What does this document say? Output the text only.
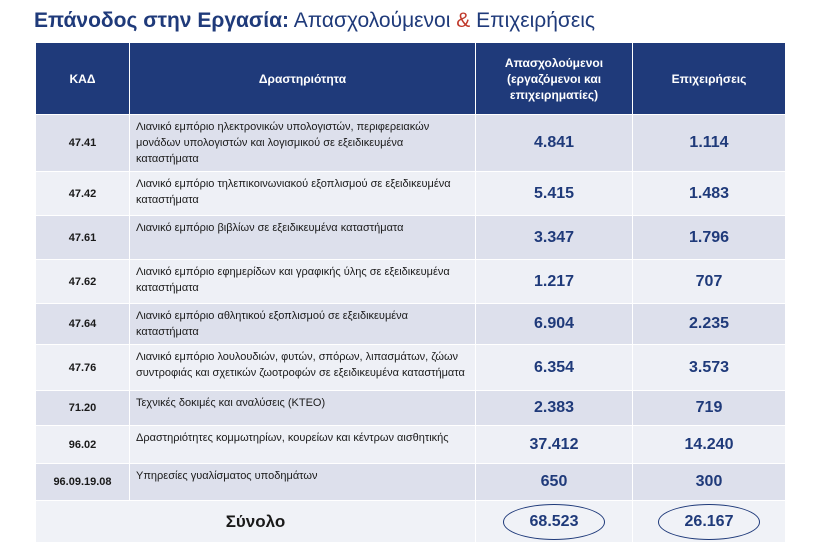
Επάνοδος στην Εργασία: Απασχολούμενοι & Επιχειρήσεις
ΚΑΔ	Δραστηριότητα	Απασχολούμενοι (εργαζόμενοι και επιχειρηματίες)	Επιχειρήσεις
47.41	Λιανικό εμπόριο ηλεκτρονικών υπολογιστών, περιφερειακών μονάδων υπολογιστών και λογισμικού σε εξειδικευμένα καταστήματα	4.841	1.114
47.42	Λιανικό εμπόριο τηλεπικοινωνιακού εξοπλισμού σε εξειδικευμένα καταστήματα	5.415	1.483
47.61	Λιανικό εμπόριο βιβλίων σε εξειδικευμένα καταστήματα	3.347	1.796
47.62	Λιανικό εμπόριο εφημερίδων και γραφικής ύλης σε εξειδικευμένα καταστήματα	1.217	707
47.64	Λιανικό εμπόριο αθλητικού εξοπλισμού σε εξειδικευμένα καταστήματα	6.904	2.235
47.76	Λιανικό εμπόριο λουλουδιών, φυτών, σπόρων, λιπασμάτων, ζώων συντροφιάς και σχετικών ζωοτροφών σε εξειδικευμένα καταστήματα	6.354	3.573
71.20	Τεχνικές δοκιμές και αναλύσεις (ΚΤΕΟ)	2.383	719
96.02	Δραστηριότητες κομμωτηρίων, κουρείων και κέντρων αισθητικής	37.412	14.240
96.09.19.08	Υπηρεσίες γυαλίσματος υποδημάτων	650	300
Σύνολο		68.523	26.167
